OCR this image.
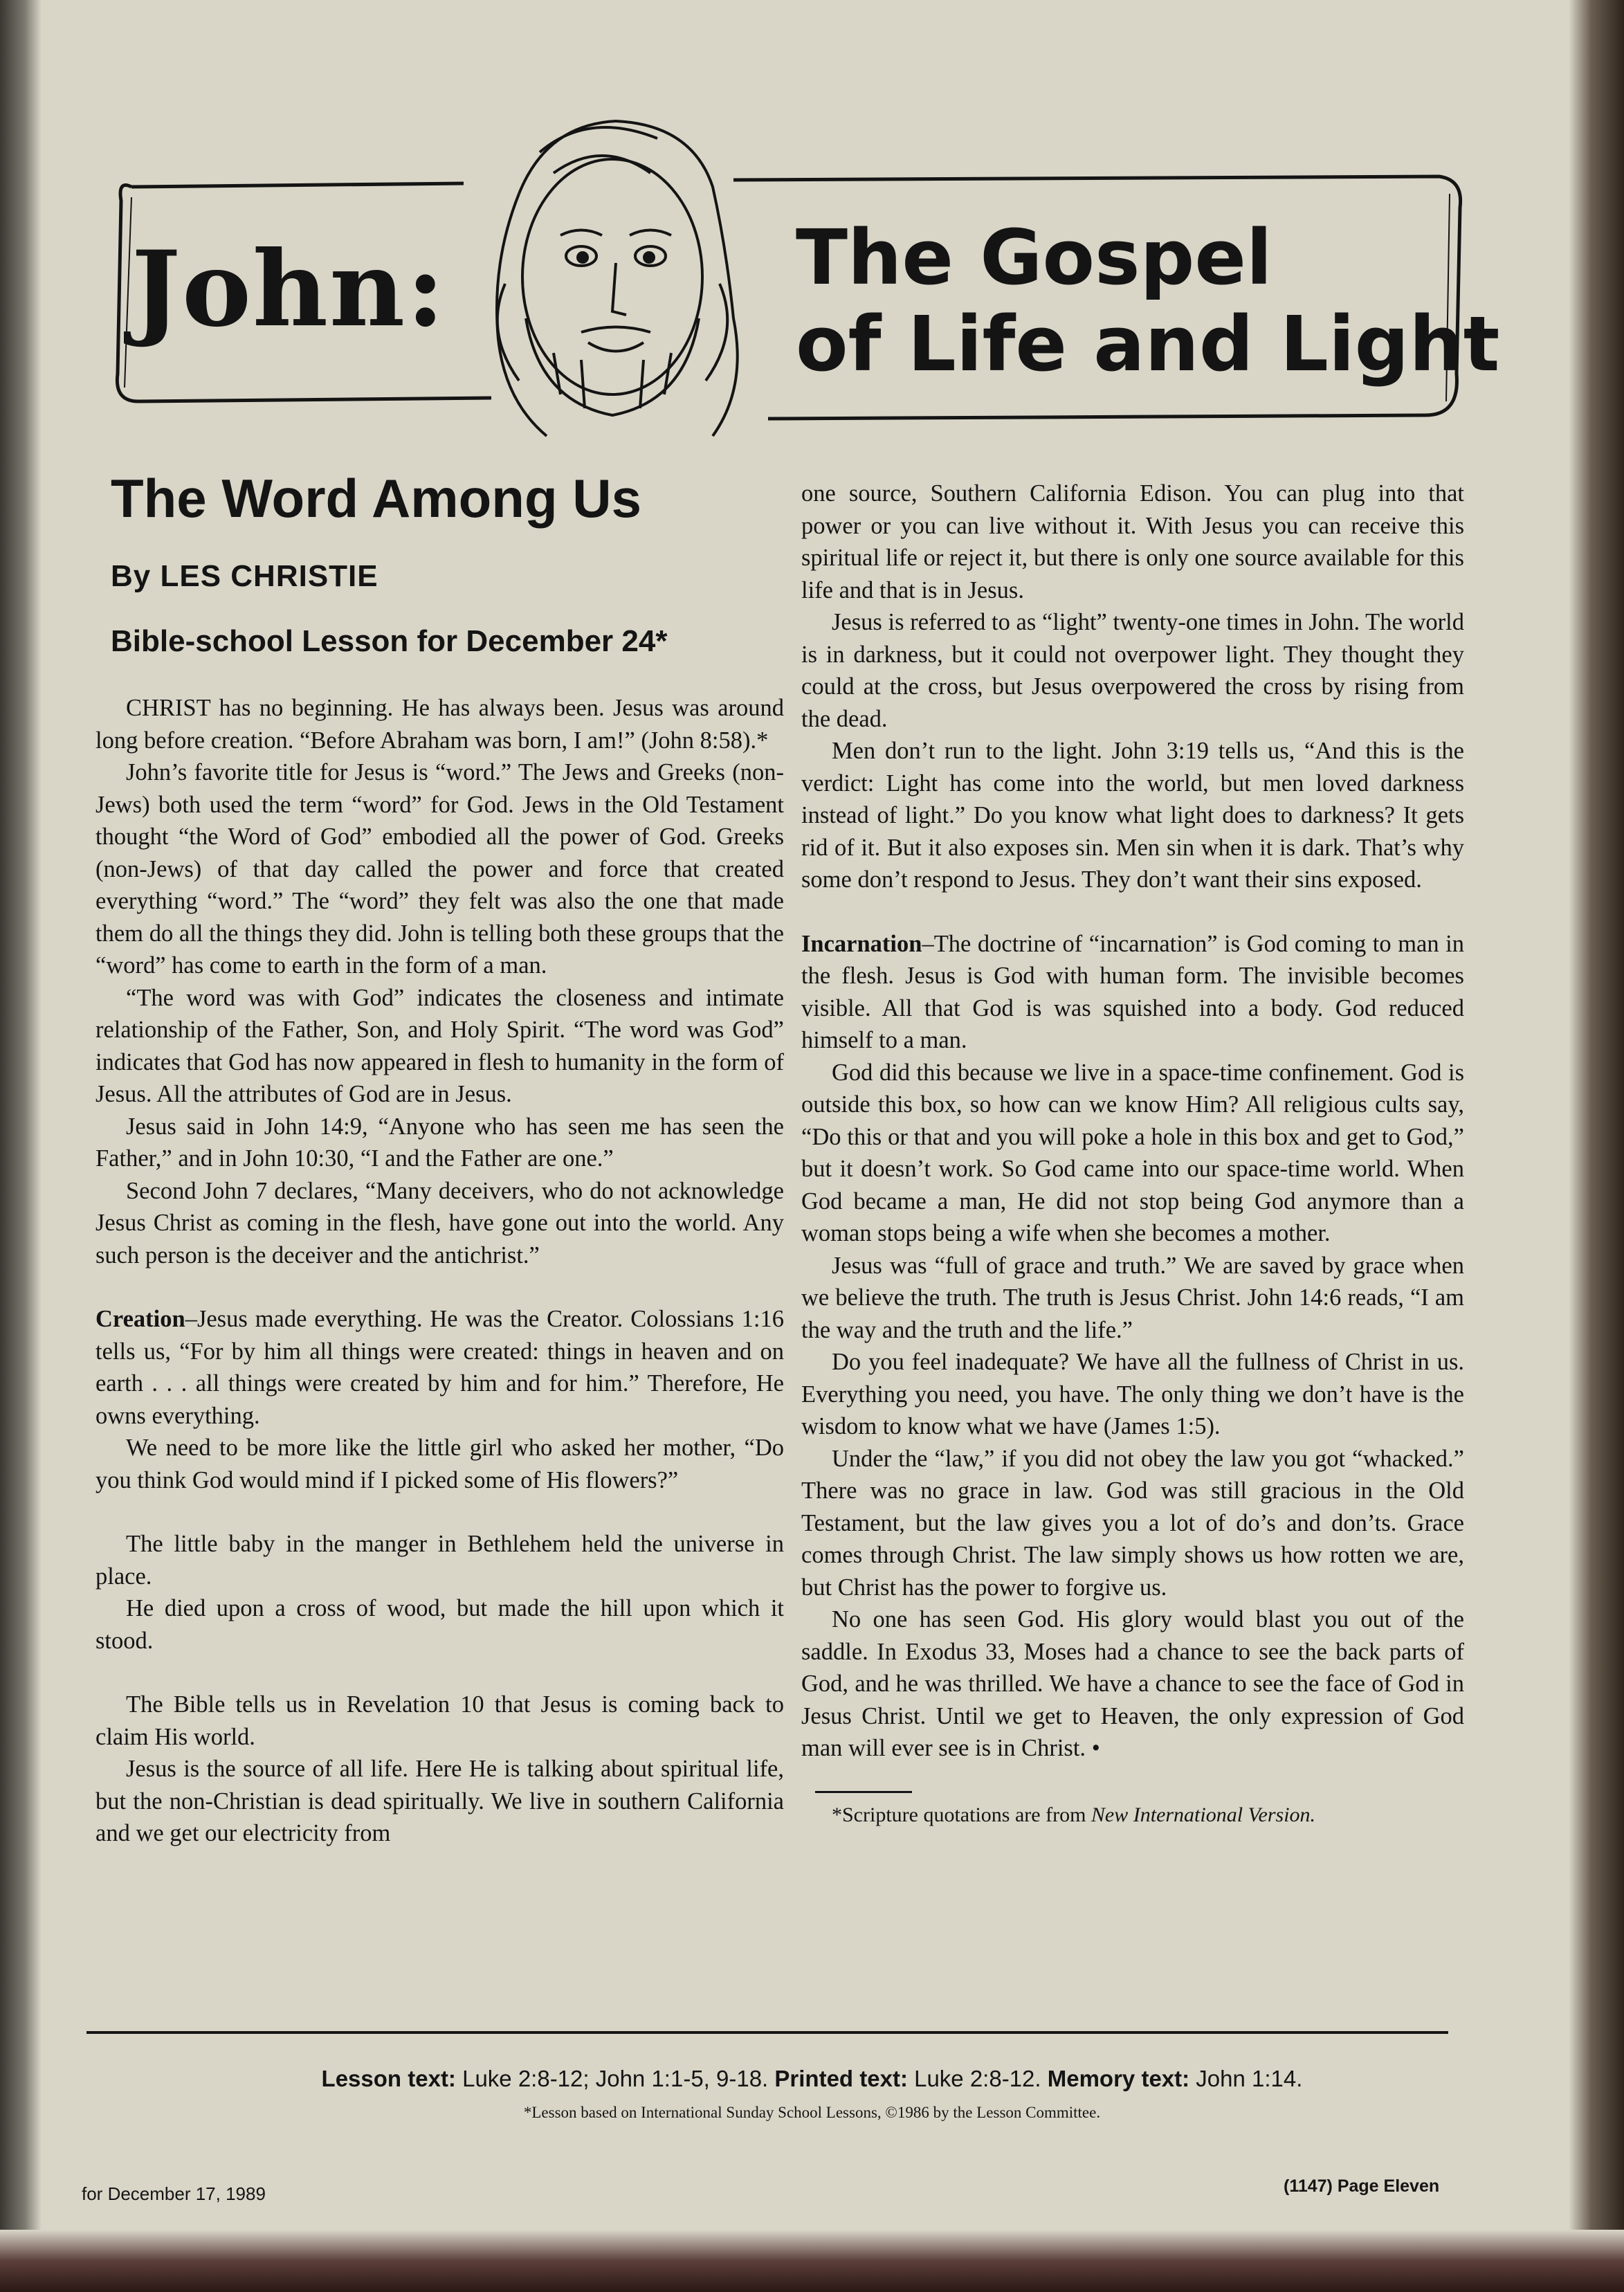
John:	The Gospel
of Life and Light
The Word Among Us
By LES CHRISTIE
Bible-school Lesson for December 24*

CHRIST has no beginning. He has always been. Jesus was around long before creation. “Before Abraham was born, I am!” (John 8:58).*

John’s favorite title for Jesus is “word.” The Jews and Greeks (non-Jews) both used the term “word” for God. Jews in the Old Testament thought “the Word of God” embodied all the power of God. Greeks (non-Jews) of that day called the power and force that created everything “word.” The “word” they felt was also the one that made them do all the things they did. John is telling both these groups that the “word” has come to earth in the form of a man.

“The word was with God” indicates the closeness and intimate relationship of the Father, Son, and Holy Spirit. “The word was God” indicates that God has now appeared in flesh to humanity in the form of Jesus. All the attributes of God are in Jesus.

Jesus said in John 14:9, “Anyone who has seen me has seen the Father,” and in John 10:30, “I and the Father are one.”

Second John 7 declares, “Many deceivers, who do not acknowledge Jesus Christ as coming in the flesh, have gone out into the world. Any such person is the deceiver and the antichrist.”

Creation–Jesus made everything. He was the Creator. Colossians 1:16 tells us, “For by him all things were created: things in heaven and on earth . . . all things were created by him and for him.” Therefore, He owns everything.

We need to be more like the little girl who asked her mother, “Do you think God would mind if I picked some of His flowers?”

The little baby in the manger in Bethlehem held the universe in place.

He died upon a cross of wood, but made the hill upon which it stood.

The Bible tells us in Revelation 10 that Jesus is coming back to claim His world.

Jesus is the source of all life. Here He is talking about spiritual life, but the non-Christian is dead spiritually. We live in southern California and we get our electricity from

one source, Southern California Edison. You can plug into that power or you can live without it. With Jesus you can receive this spiritual life or reject it, but there is only one source available for this life and that is in Jesus.

Jesus is referred to as “light” twenty-one times in John. The world is in darkness, but it could not overpower light. They thought they could at the cross, but Jesus overpowered the cross by rising from the dead.

Men don’t run to the light. John 3:19 tells us, “And this is the verdict: Light has come into the world, but men loved darkness instead of light.” Do you know what light does to darkness? It gets rid of it. But it also exposes sin. Men sin when it is dark. That’s why some don’t respond to Jesus. They don’t want their sins exposed.

Incarnation–The doctrine of “incarnation” is God coming to man in the flesh. Jesus is God with human form. The invisible becomes visible. All that God is was squished into a body. God reduced himself to a man.

God did this because we live in a space-time confinement. God is outside this box, so how can we know Him? All religious cults say, “Do this or that and you will poke a hole in this box and get to God,” but it doesn’t work. So God came into our space-time world. When God became a man, He did not stop being God anymore than a woman stops being a wife when she becomes a mother.

Jesus was “full of grace and truth.” We are saved by grace when we believe the truth. The truth is Jesus Christ. John 14:6 reads, “I am the way and the truth and the life.”

Do you feel inadequate? We have all the fullness of Christ in us. Everything you need, you have. The only thing we don’t have is the wisdom to know what we have (James 1:5).

Under the “law,” if you did not obey the law you got “whacked.” There was no grace in law. God was still gracious in the Old Testament, but the law gives you a lot of do’s and don’ts. Grace comes through Christ. The law simply shows us how rotten we are, but Christ has the power to forgive us.

No one has seen God. His glory would blast you out of the saddle. In Exodus 33, Moses had a chance to see the back parts of God, and he was thrilled. We have a chance to see the face of God in Jesus Christ. Until we get to Heaven, the only expression of God man will ever see is in Christ. •

*Scripture quotations are from New International Version.
Lesson text: Luke 2:8-12; John 1:1-5, 9-18. Printed text: Luke 2:8-12. Memory text: John 1:14.
*Lesson based on International Sunday School Lessons, ©1986 by the Lesson Committee.
for December 17, 1989	(1147) Page Eleven
